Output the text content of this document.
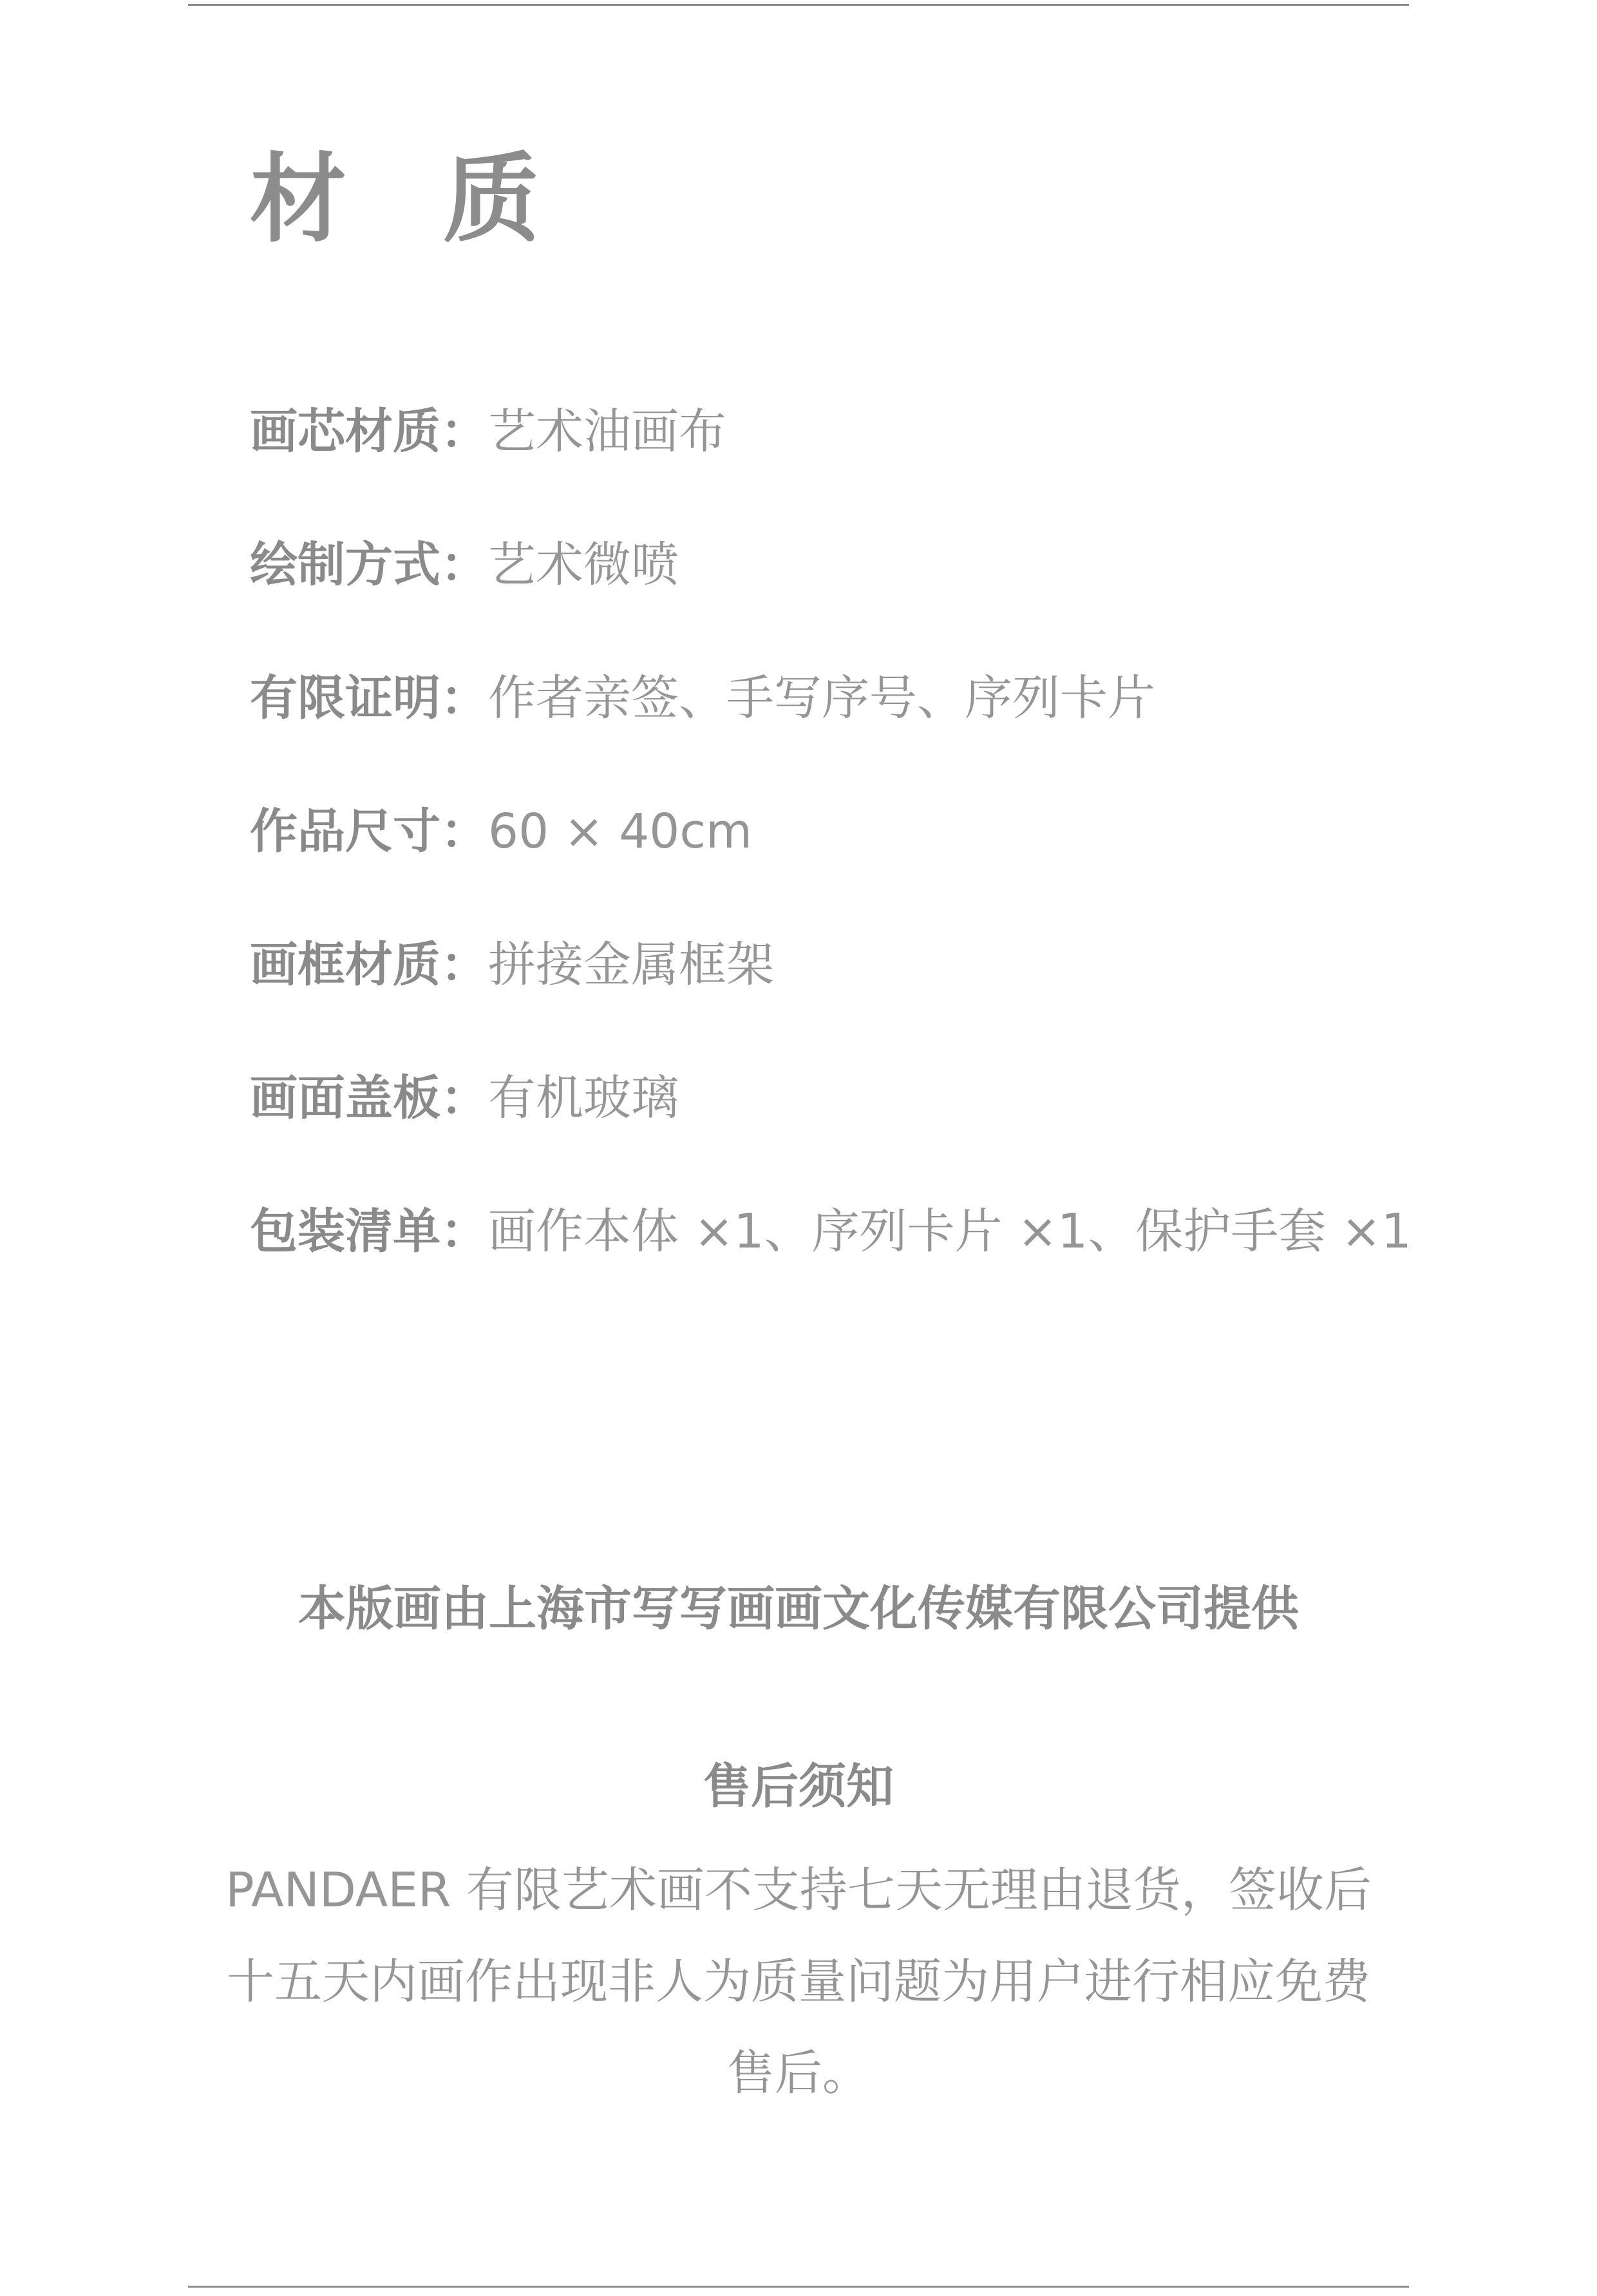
材　质
画芯材质：艺术油画布
绘制方式：艺术微喷
有限证明：作者亲签、手写序号、序列卡片
作品尺寸：60 × 40cm
画框材质：拼接金属框架
画面盖板：有机玻璃
包装清单：画作本体 ×1、序列卡片 ×1、保护手套 ×1
本版画由上海市写写画画文化传媒有限公司提供
售后须知
PANDAER 有限艺术画不支持七天无理由退货，签收后
十五天内画作出现非人为质量问题为用户进行相应免费
售后。
